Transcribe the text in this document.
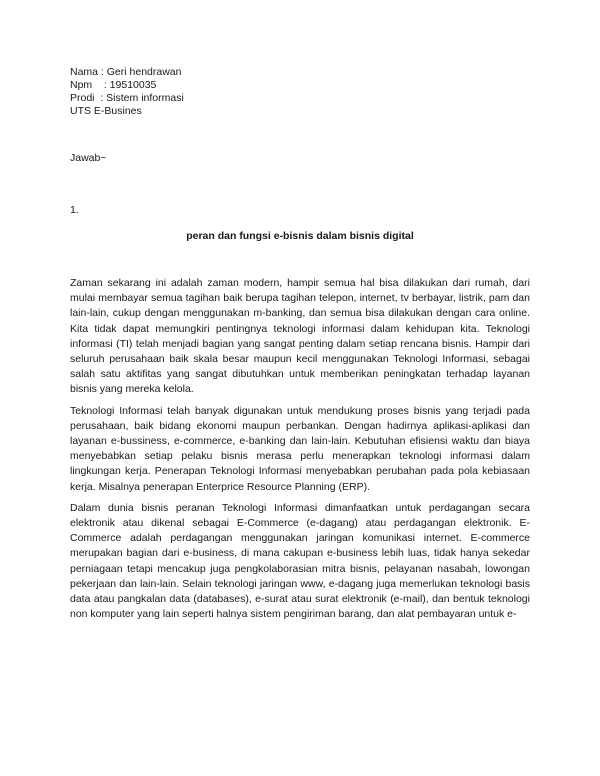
Nama : Geri hendrawan
Npm    : 19510035
Prodi  : Sistem informasi
UTS E-Busines
Jawab~
1.
peran dan fungsi e-bisnis dalam bisnis digital

Zaman sekarang ini adalah zaman modern, hampir semua hal bisa dilakukan dari rumah, dari mulai membayar semua tagihan baik berupa tagihan telepon, internet, tv berbayar, listrik, pam dan lain-lain, cukup dengan menggunakan m-banking, dan semua bisa dilakukan dengan cara online. Kita tidak dapat memungkiri pentingnya teknologi informasi dalam kehidupan kita. Teknologi informasi (TI) telah menjadi bagian yang sangat penting dalam setiap rencana bisnis. Hampir dari seluruh perusahaan baik skala besar maupun kecil menggunakan Teknologi Informasi, sebagai salah satu aktifitas yang sangat dibutuhkan untuk memberikan peningkatan terhadap layanan bisnis yang mereka kelola.

Teknologi Informasi telah banyak digunakan untuk mendukung proses bisnis yang terjadi pada perusahaan, baik bidang ekonomi maupun perbankan. Dengan hadirnya aplikasi-aplikasi dan layanan e-bussiness, e-commerce, e-banking dan lain-lain. Kebutuhan efisiensi waktu dan biaya menyebabkan setiap pelaku bisnis merasa perlu menerapkan teknologi informasi dalam lingkungan kerja. Penerapan Teknologi Informasi menyebabkan perubahan pada pola kebiasaan kerja. Misalnya penerapan Enterprice Resource Planning (ERP).

Dalam dunia bisnis peranan Teknologi Informasi dimanfaatkan untuk perdagangan secara elektronik atau dikenal sebagai E-Commerce (e-dagang) atau perdagangan elektronik. E-Commerce adalah perdagangan menggunakan jaringan komunikasi internet. E-commerce merupakan bagian dari e-business, di mana cakupan e-business lebih luas, tidak hanya sekedar perniagaan tetapi mencakup juga pengkolaborasian mitra bisnis, pelayanan nasabah, lowongan pekerjaan dan lain-lain. Selain teknologi jaringan www, e-dagang juga memerlukan teknologi basis data atau pangkalan data (databases), e-surat atau surat elektronik (e-mail), dan bentuk teknologi non komputer yang lain seperti halnya sistem pengiriman barang, dan alat pembayaran untuk e-
